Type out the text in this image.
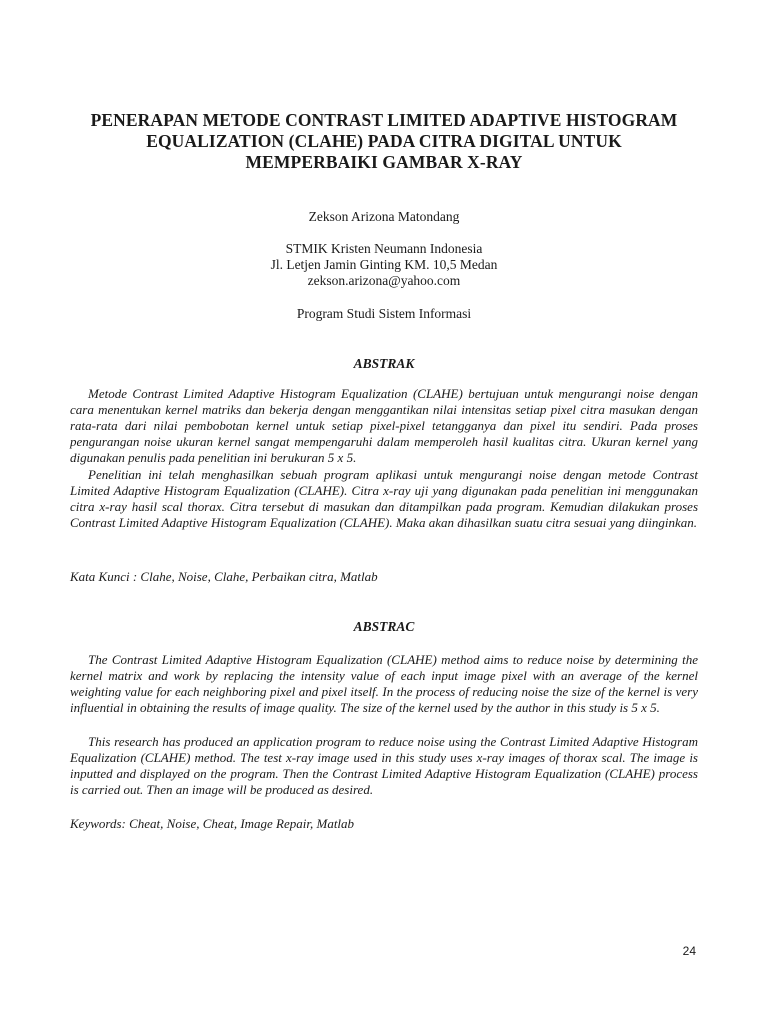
PENERAPAN METODE CONTRAST LIMITED ADAPTIVE HISTOGRAM
EQUALIZATION (CLAHE) PADA CITRA DIGITAL UNTUK
MEMPERBAIKI GAMBAR X-RAY
Zekson Arizona Matondang
STMIK Kristen Neumann Indonesia
Jl. Letjen Jamin Ginting KM. 10,5 Medan
zekson.arizona@yahoo.com
Program Studi Sistem Informasi
ABSTRAK
Metode Contrast Limited Adaptive Histogram Equalization (CLAHE) bertujuan untuk mengurangi noise dengan cara menentukan kernel matriks dan bekerja dengan menggantikan nilai intensitas setiap pixel citra masukan dengan rata-rata dari nilai pembobotan kernel untuk setiap pixel-pixel tetangganya dan pixel itu sendiri. Pada proses pengurangan noise ukuran kernel sangat mempengaruhi dalam memperoleh hasil kualitas citra. Ukuran kernel yang digunakan penulis pada penelitian ini berukuran 5 x 5.
Penelitian ini telah menghasilkan sebuah program aplikasi untuk mengurangi noise dengan metode Contrast Limited Adaptive Histogram Equalization (CLAHE). Citra x-ray uji yang digunakan pada penelitian ini menggunakan citra x-ray hasil scal thorax. Citra tersebut di masukan dan ditampilkan pada program. Kemudian dilakukan proses Contrast Limited Adaptive Histogram Equalization (CLAHE). Maka akan dihasilkan suatu citra sesuai yang diinginkan.
Kata Kunci : Clahe, Noise, Clahe, Perbaikan citra, Matlab
ABSTRAC
The Contrast Limited Adaptive Histogram Equalization (CLAHE) method aims to reduce noise by determining the kernel matrix and work by replacing the intensity value of each input image pixel with an average of the kernel weighting value for each neighboring pixel and pixel itself. In the process of reducing noise the size of the kernel is very influential in obtaining the results of image quality. The size of the kernel used by the author in this study is 5 x 5.
This research has produced an application program to reduce noise using the Contrast Limited Adaptive Histogram Equalization (CLAHE) method. The test x-ray image used in this study uses x-ray images of thorax scal. The image is inputted and displayed on the program. Then the Contrast Limited Adaptive Histogram Equalization (CLAHE) process is carried out. Then an image will be produced as desired.
Keywords: Cheat, Noise, Cheat, Image Repair, Matlab
24
